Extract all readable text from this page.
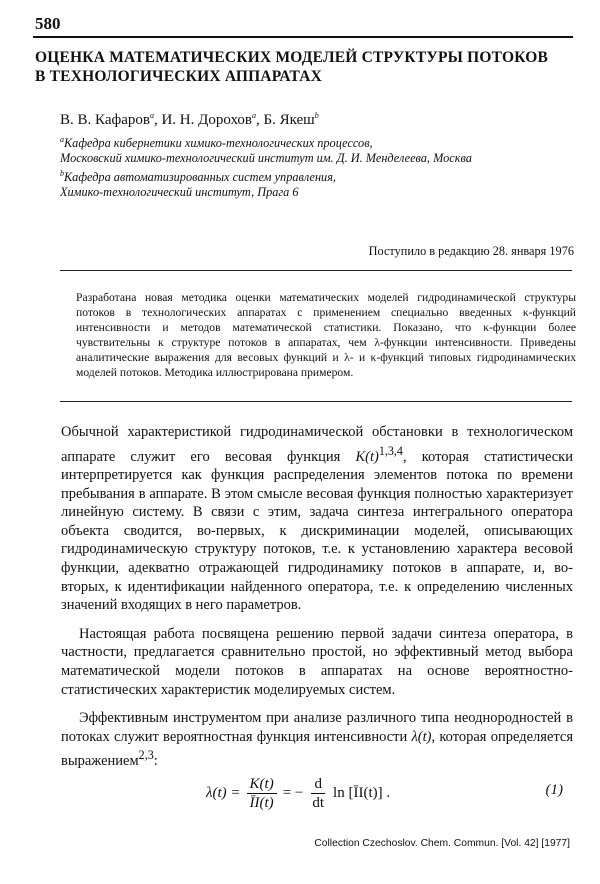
580
ОЦЕНКА МАТЕМАТИЧЕСКИХ МОДЕЛЕЙ СТРУКТУРЫ ПОТОКОВ
В ТЕХНОЛОГИЧЕСКИХ АППАРАТАХ
В. В. Кафаров$^a$, И. Н. Дорохов$^a$, Б. Якеш$^b$
$^a$Кафедра кибернетики химико-технологических процессов,
Московский химико-технологический институт им. Д. И. Менделеева, Москва
$^b$Кафедра автоматизированных систем управления,
Химико-технологический институт, Прага 6
Поступило в редакцию 28. января 1976
Разработана новая методика оценки математических моделей гидродинамической структуры потоков в технологических аппаратах с применением специально введенных κ-функций интенсивности и методов математической статистики. Показано, что κ-функции более чувствительны к структуре потоков в аппаратах, чем λ-функции интенсивности. Приведены аналитические выражения для весовых функций и λ- и κ-функций типовых гидродинамических моделей потоков. Методика иллюстрирована примером.

Обычной характеристикой гидродинамической обстановки в технологическом аппарате служит его весовая функция $K(t)^{1,3,4}$, которая статистически интерпретируется как функция распределения элементов потока по времени пребывания в аппарате. В этом смысле весовая функция полностью характеризует линейную систему. В связи с этим, задача синтеза интегрального оператора объекта сводится, во-первых, к дискриминации моделей, описывающих гидродинамическую структуру потоков, т.е. к установлению характера весовой функции, адекватно отражающей гидродинамику потоков в аппарате, и, во-вторых, к идентификации найденного оператора, т.е. к определению численных значений входящих в него параметров.

Настоящая работа посвящена решению первой задачи синтеза оператора, в частности, предлагается сравнительно простой, но эффективный метод выбора математической модели потоков в аппаратах на основе вероятностно-статистических характеристик моделируемых систем.

Эффективным инструментом при анализе различного типа неоднородностей в потоках служит вероятностная функция интенсивности λ(t), которая определяется выражением$^{2,3}$:

$\lambda(t) = \frac{K(t)}{ĪI(t)}$ = − $\frac{d}{dt}$ ln [ĪI(t)] .	(1)
Collection Czechoslov. Chem. Commun. [Vol. 42] [1977]
